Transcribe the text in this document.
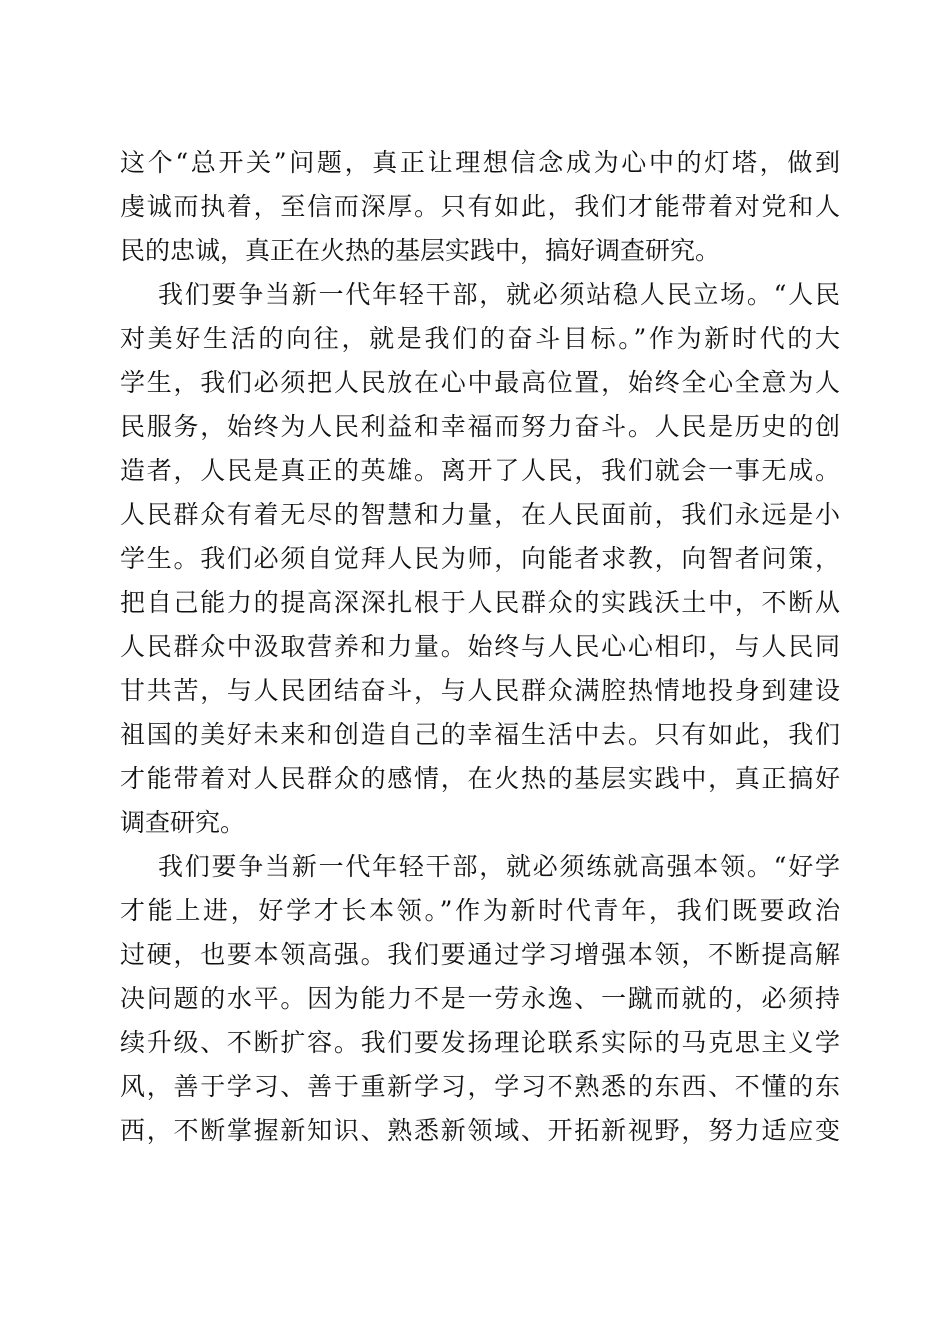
这个“总开关”问题，真正让理想信念成为心中的灯塔，做到
虔诚而执着，至信而深厚。只有如此，我们才能带着对党和人
民的忠诚，真正在火热的基层实践中，搞好调查研究。
我们要争当新一代年轻干部，就必须站稳人民立场。“人民
对美好生活的向往，就是我们的奋斗目标。”作为新时代的大
学生，我们必须把人民放在心中最高位置，始终全心全意为人
民服务，始终为人民利益和幸福而努力奋斗。人民是历史的创
造者，人民是真正的英雄。离开了人民，我们就会一事无成。
人民群众有着无尽的智慧和力量，在人民面前，我们永远是小
学生。我们必须自觉拜人民为师，向能者求教，向智者问策，
把自己能力的提高深深扎根于人民群众的实践沃土中，不断从
人民群众中汲取营养和力量。始终与人民心心相印，与人民同
甘共苦，与人民团结奋斗，与人民群众满腔热情地投身到建设
祖国的美好未来和创造自己的幸福生活中去。只有如此，我们
才能带着对人民群众的感情，在火热的基层实践中，真正搞好
调查研究。
我们要争当新一代年轻干部，就必须练就高强本领。“好学
才能上进，好学才长本领。”作为新时代青年，我们既要政治
过硬，也要本领高强。我们要通过学习增强本领，不断提高解
决问题的水平。因为能力不是一劳永逸、一蹴而就的，必须持
续升级、不断扩容。我们要发扬理论联系实际的马克思主义学
风，善于学习、善于重新学习，学习不熟悉的东西、不懂的东
西，不断掌握新知识、熟悉新领域、开拓新视野，努力适应变
